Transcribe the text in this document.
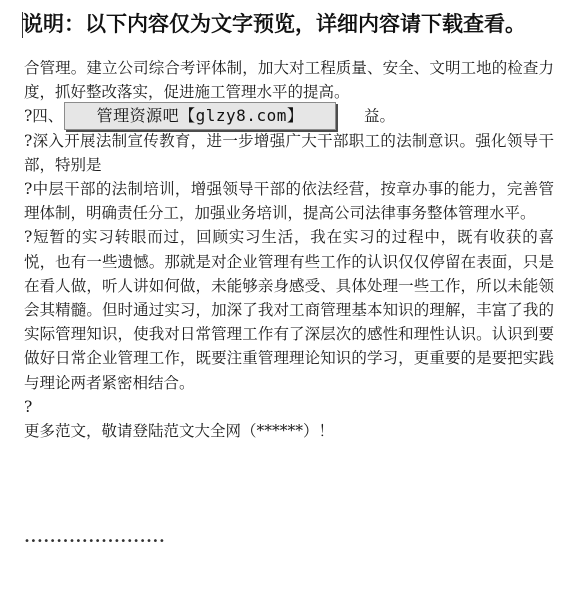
说明：以下内容仅为文字预览，详细内容请下载查看。

合管理。建立公司综合考评体制，加大对工程质量、安全、文明工地的检查力度，抓好整改落实，促进施工管理水平的提高。

?四、	管理资源吧【glzy8.com】	益。

?深入开展法制宣传教育，进一步增强广大干部职工的法制意识。强化领导干部，特别是

?中层干部的法制培训，增强领导干部的依法经营，按章办事的能力，完善管理体制，明确责任分工，加强业务培训，提高公司法律事务整体管理水平。

?短暂的实习转眼而过，回顾实习生活，我在实习的过程中，既有收获的喜悦，也有一些遗憾。那就是对企业管理有些工作的认识仅仅停留在表面，只是在看人做，听人讲如何做，未能够亲身感受、具体处理一些工作，所以未能领会其精髓。但时通过实习，加深了我对工商管理基本知识的理解，丰富了我的实际管理知识，使我对日常管理工作有了深层次的感性和理性认识。认识到要做好日常企业管理工作，既要注重管理理论知识的学习，更重要的是要把实践与理论两者紧密相结合。

?

更多范文，敬请登陆范文大全网（******）！

••••••••••••••••••••••
